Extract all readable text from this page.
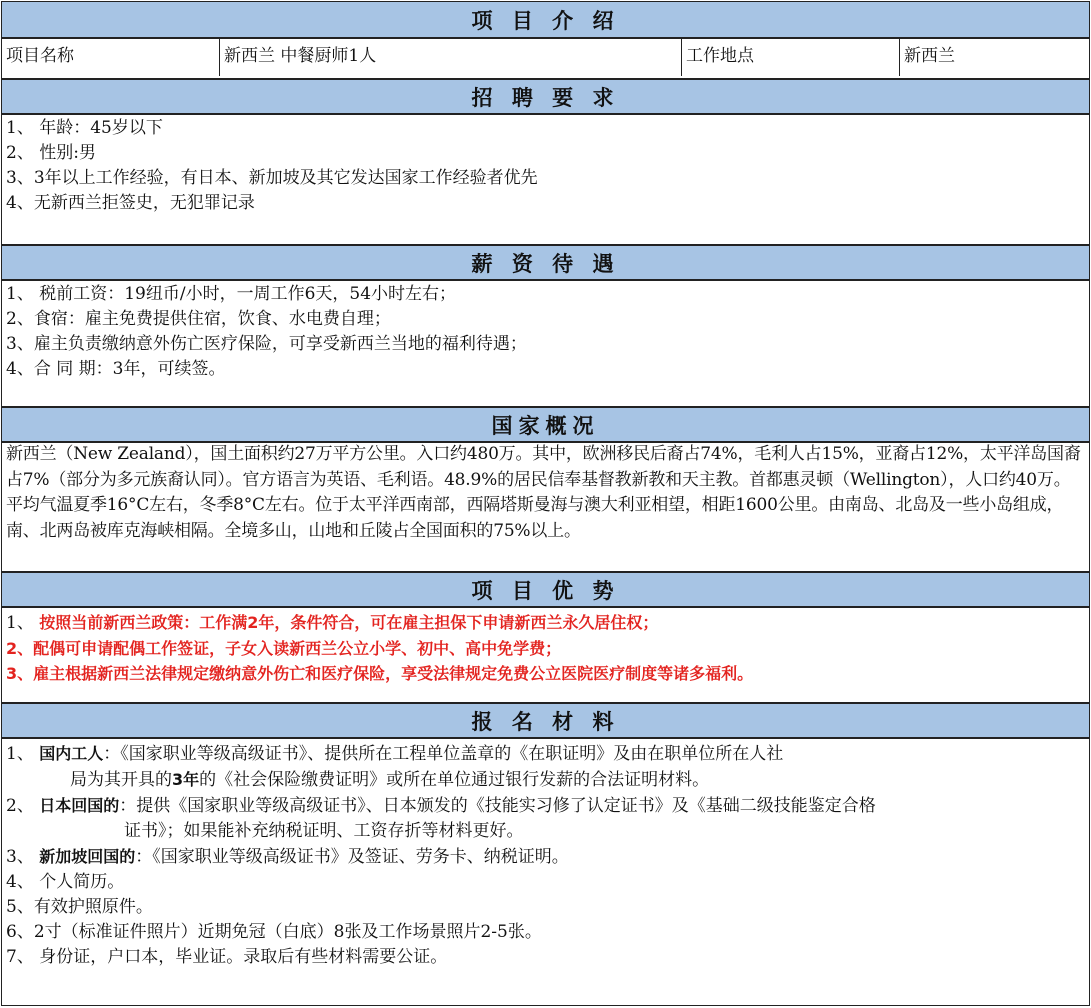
项 目 介 绍
项目名称	新西兰 中餐厨师1人	工作地点	新西兰
招 聘 要 求

1、 年龄：45岁以下

2、 性别:男

3、3年以上工作经验，有日本、新加坡及其它发达国家工作经验者优先

4、无新西兰拒签史，无犯罪记录

薪 资 待 遇

1、 税前工资：19纽币/小时，一周工作6天，54小时左右；

2、食宿：雇主免费提供住宿，饮食、水电费自理；

3、雇主负责缴纳意外伤亡医疗保险，可享受新西兰当地的福利待遇；

4、合 同 期：3年，可续签。

国家概况

新西兰（New Zealand），国土面积约27万平方公里。入口约480万。其中，欧洲移民后裔占74%，毛利人占15%，亚裔占12%，太平洋岛国裔占7%（部分为多元族裔认同）。官方语言为英语、毛利语。48.9%的居民信奉基督教新教和天主教。首都惠灵顿（Wellington），人口约40万。平均气温夏季16°C左右，冬季8°C左右。位于太平洋西南部，西隔塔斯曼海与澳大利亚相望，相距1600公里。由南岛、北岛及一些小岛组成，南、北两岛被库克海峡相隔。全境多山，山地和丘陵占全国面积的75%以上。

项 目 优 势

1、 按照当前新西兰政策：工作满2年，条件符合，可在雇主担保下申请新西兰永久居住权；

2、配偶可申请配偶工作签证，子女入读新西兰公立小学、初中、高中免学费；

3、雇主根据新西兰法律规定缴纳意外伤亡和医疗保险，享受法律规定免费公立医院医疗制度等诸多福利。

报 名 材 料

1、 国内工人：《国家职业等级高级证书》、提供所在工程单位盖章的《在职证明》及由在职单位所在人社

局为其开具的3年的《社会保险缴费证明》或所在单位通过银行发薪的合法证明材料。

2、 日本回国的：提供《国家职业等级高级证书》、日本颁发的《技能实习修了认定证书》及《基础二级技能鉴定合格

证书》；如果能补充纳税证明、工资存折等材料更好。

3、 新加坡回国的：《国家职业等级高级证书》及签证、劳务卡、纳税证明。

4、 个人简历。

5、有效护照原件。

6、2寸（标准证件照片）近期免冠（白底）8张及工作场景照片2-5张。

7、 身份证，户口本，毕业证。录取后有些材料需要公证。
